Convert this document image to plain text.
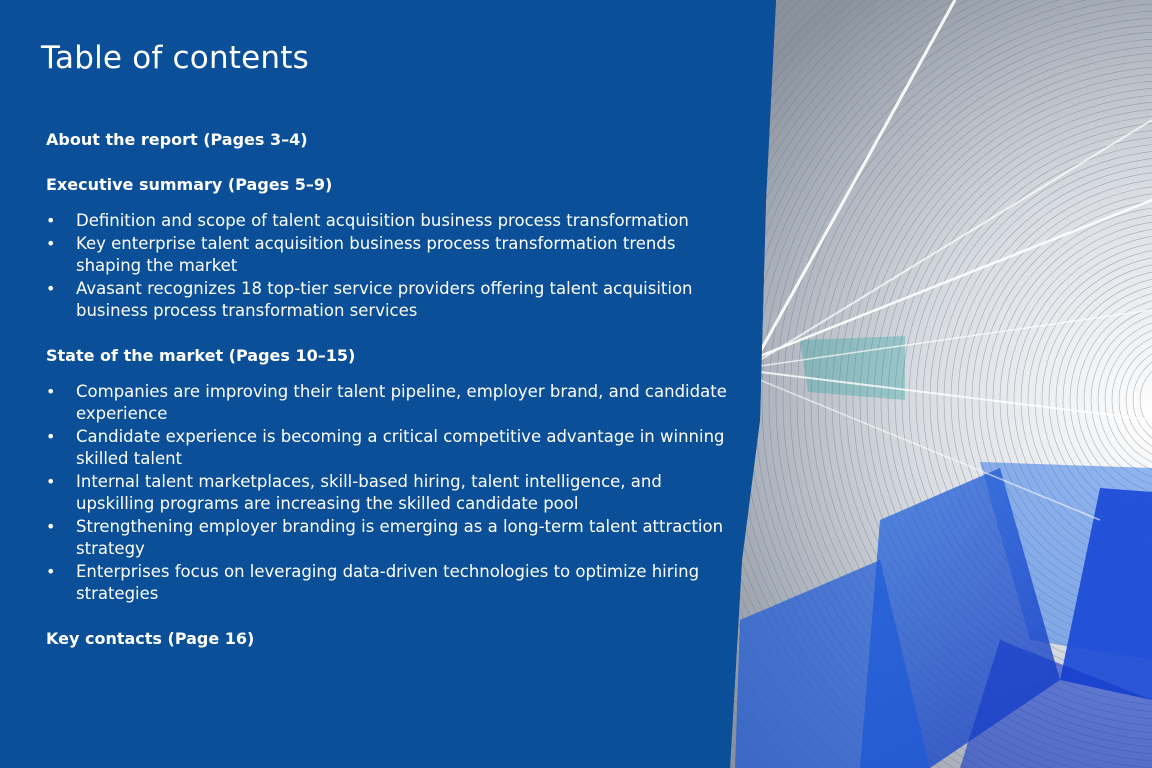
Table of contents

About the report (Pages 3–4)

Executive summary (Pages 5–9)

• Definition and scope of talent acquisition business process transformation
• Key enterprise talent acquisition business process transformation trends shaping the market
• Avasant recognizes 18 top-tier service providers offering talent acquisition business process transformation services

State of the market (Pages 10–15)

• Companies are improving their talent pipeline, employer brand, and candidate experience
• Candidate experience is becoming a critical competitive advantage in winning skilled talent
• Internal talent marketplaces, skill-based hiring, talent intelligence, and upskilling programs are increasing the skilled candidate pool
• Strengthening employer branding is emerging as a long-term talent attraction strategy
• Enterprises focus on leveraging data-driven technologies to optimize hiring strategies

Key contacts (Page 16)
